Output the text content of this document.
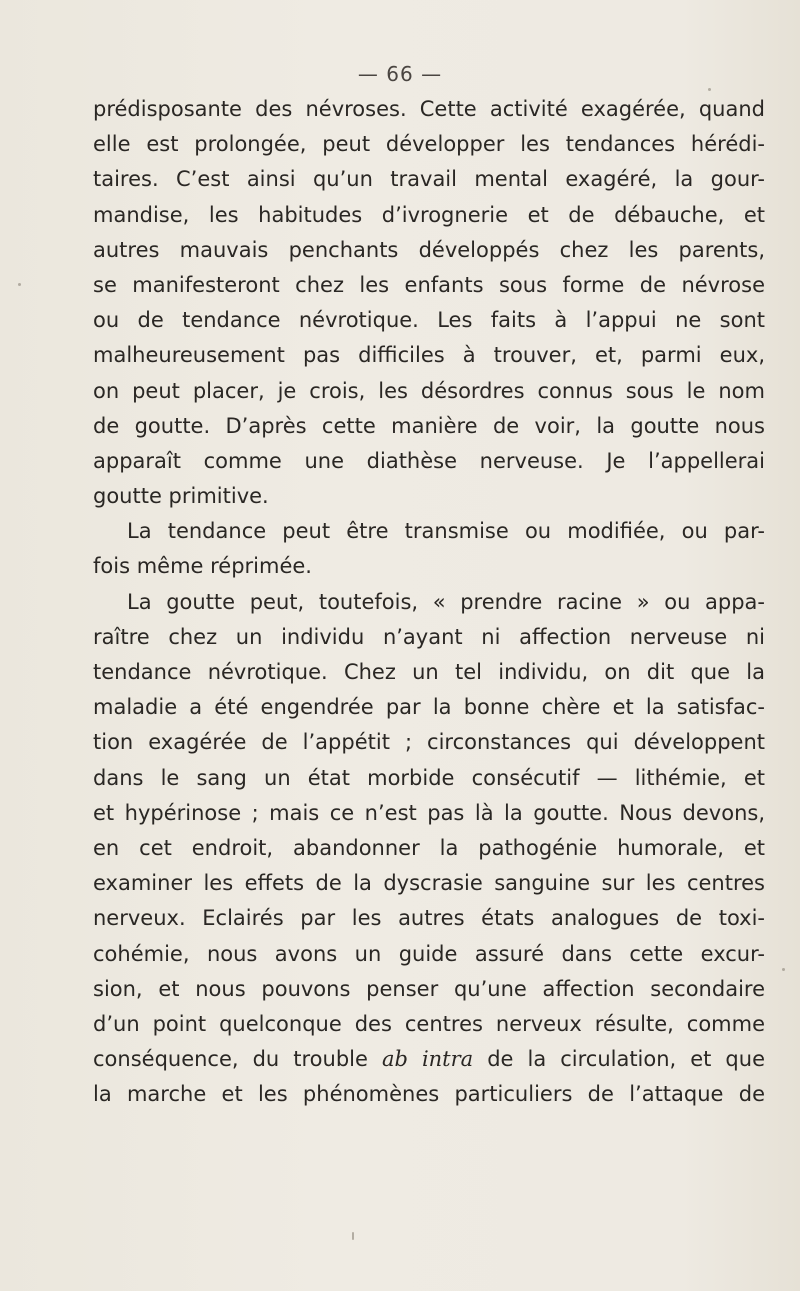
— 66 —
prédisposante des névroses. Cette activité exagérée, quand
elle est prolongée, peut développer les tendances hérédi-
taires. C’est ainsi qu’un travail mental exagéré, la gour-
mandise, les habitudes d’ivrognerie et de débauche, et
autres mauvais penchants développés chez les parents,
se manifesteront chez les enfants sous forme de névrose
ou de tendance névrotique. Les faits à l’appui ne sont
malheureusement pas difficiles à trouver, et, parmi eux,
on peut placer, je crois, les désordres connus sous le nom
de goutte. D’après cette manière de voir, la goutte nous
apparaît comme une diathèse nerveuse. Je l’appellerai
goutte primitive.
La tendance peut être transmise ou modifiée, ou par-
fois même réprimée.
La goutte peut, toutefois, « prendre racine » ou appa-
raître chez un individu n’ayant ni affection nerveuse ni
tendance névrotique. Chez un tel individu, on dit que la
maladie a été engendrée par la bonne chère et la satisfac-
tion exagérée de l’appétit ; circonstances qui développent
dans le sang un état morbide consécutif — lithémie, et
et hypérinose ; mais ce n’est pas là la goutte. Nous devons,
en cet endroit, abandonner la pathogénie humorale, et
examiner les effets de la dyscrasie sanguine sur les centres
nerveux. Eclairés par les autres états analogues de toxi-
cohémie, nous avons un guide assuré dans cette excur-
sion, et nous pouvons penser qu’une affection secondaire
d’un point quelconque des centres nerveux résulte, comme
conséquence, du trouble ab intra de la circulation, et que
la marche et les phénomènes particuliers de l’attaque de
